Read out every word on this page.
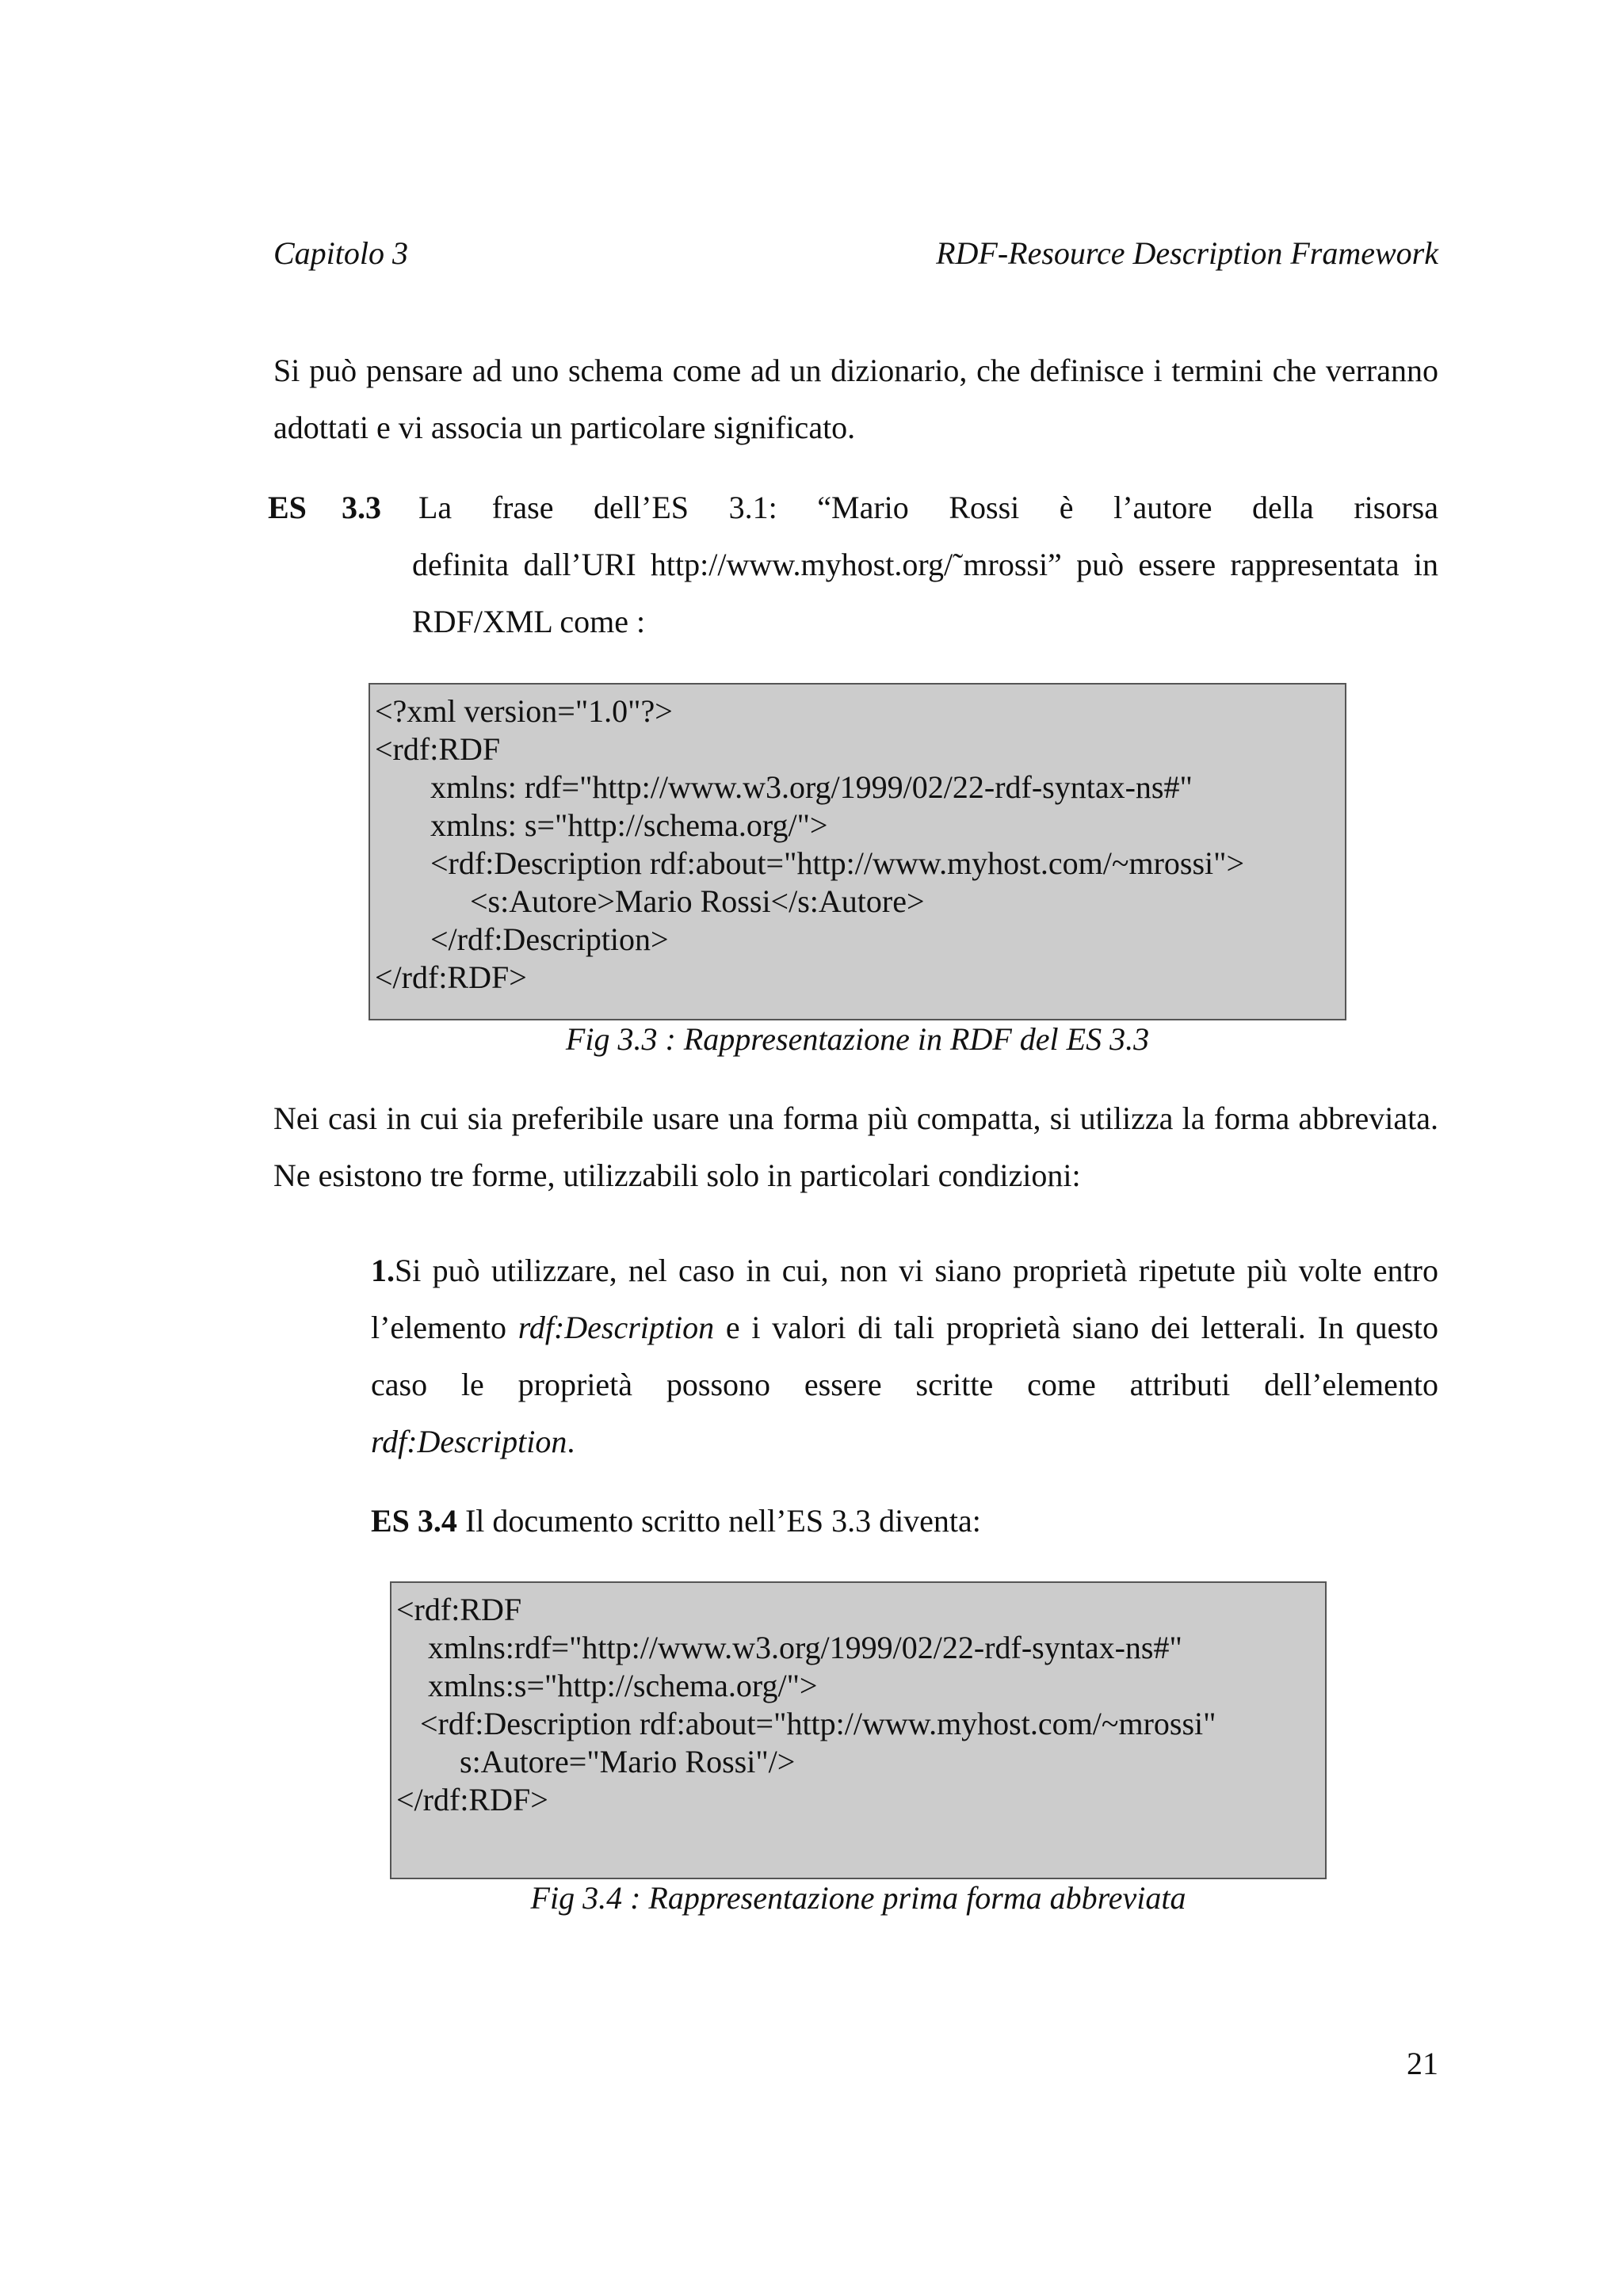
Capitolo 3	RDF-Resource Description Framework
Si può pensare ad uno schema come ad un dizionario, che definisce i termini che verranno adottati e vi associa un particolare significato.
ES 3.3 La frase dell’ES 3.1: “Mario Rossi è l’autore della risorsa
definita dall’URI http://www.myhost.org/˜mrossi” può essere rappresentata in RDF/XML come :
<?xml version="1.0"?>
<rdf:RDF
xmlns: rdf="http://www.w3.org/1999/02/22-rdf-syntax-ns#"
xmlns: s="http://schema.org/">
<rdf:Description rdf:about="http://www.myhost.com/~mrossi">
<s:Autore>Mario Rossi</s:Autore>
</rdf:Description>
</rdf:RDF>
Fig 3.3 : Rappresentazione in RDF del ES 3.3
Nei casi in cui sia preferibile usare una forma più compatta, si utilizza la forma abbreviata. Ne esistono tre forme, utilizzabili solo in particolari condizioni:
1.Si può utilizzare, nel caso in cui, non vi siano proprietà ripetute più volte entro l’elemento rdf:Description e i valori di tali proprietà siano dei letterali. In questo caso le proprietà possono essere scritte come attributi dell’elemento rdf:Description.
ES 3.4 Il documento scritto nell’ES 3.3 diventa:
<rdf:RDF
xmlns:rdf="http://www.w3.org/1999/02/22-rdf-syntax-ns#"
xmlns:s="http://schema.org/">
<rdf:Description rdf:about="http://www.myhost.com/~mrossi"
s:Autore="Mario Rossi"/>
</rdf:RDF>
Fig 3.4 : Rappresentazione prima forma abbreviata
21
